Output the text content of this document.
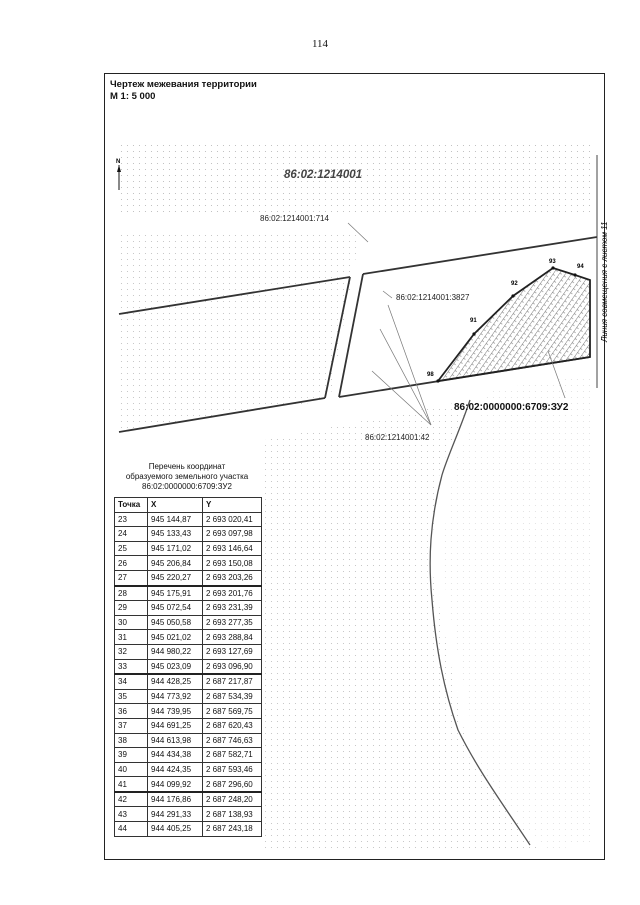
114
N
Линия совмещения с листом 11
86:02:1214001
86:02:1214001:714
86:02:1214001:3827
86:02:1214001:42
86:02:0000000:6709:ЗУ2
98
91
92
93
94
Чертеж межевания территории
М 1: 5 000
Перечень координат
образуемого земельного участка
86:02:0000000:6709:ЗУ2
Точка	X	Y
23	945 144,87	2 693 020,41
24	945 133,43	2 693 097,98
25	945 171,02	2 693 146,64
26	945 206,84	2 693 150,08
27	945 220,27	2 693 203,26
28	945 175,91	2 693 201,76
29	945 072,54	2 693 231,39
30	945 050,58	2 693 277,35
31	945 021,02	2 693 288,84
32	944 980,22	2 693 127,69
33	945 023,09	2 693 096,90
34	944 428,25	2 687 217,87
35	944 773,92	2 687 534,39
36	944 739,95	2 687 569,75
37	944 691,25	2 687 620,43
38	944 613,98	2 687 746,63
39	944 434,38	2 687 582,71
40	944 424,35	2 687 593,46
41	944 099,92	2 687 296,60
42	944 176,86	2 687 248,20
43	944 291,33	2 687 138,93
44	944 405,25	2 687 243,18
